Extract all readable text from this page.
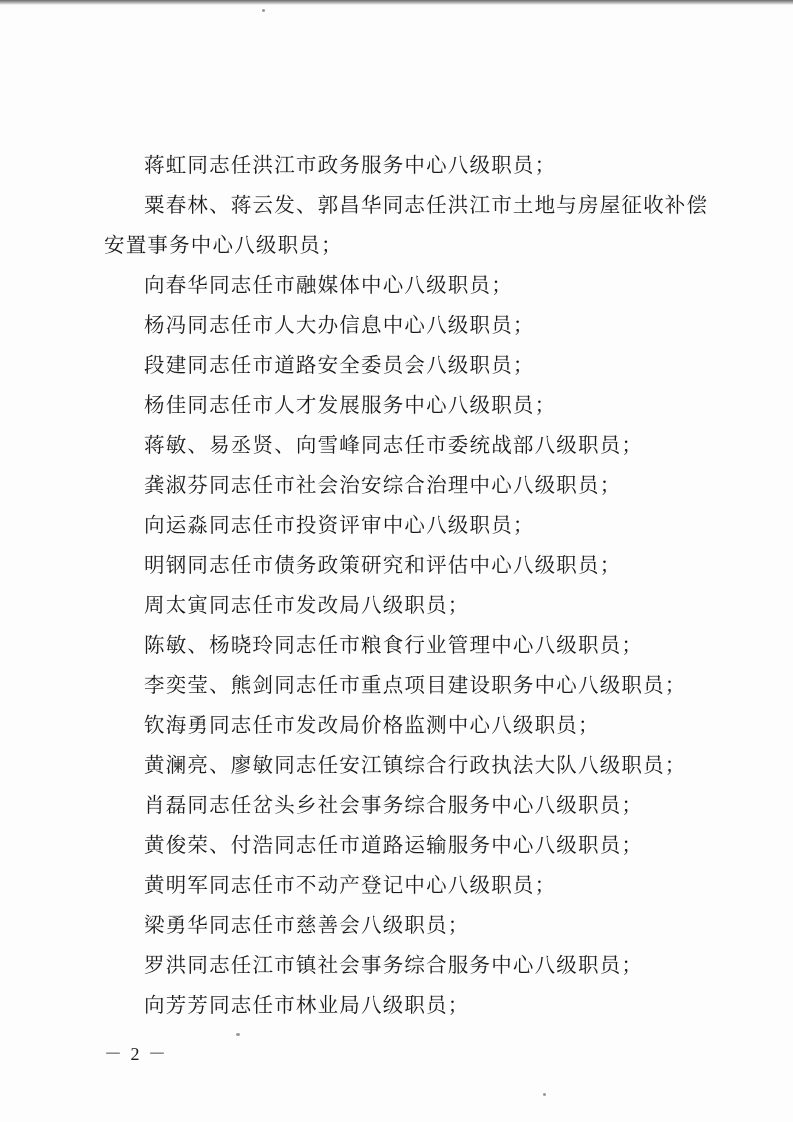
蒋虹同志任洪江市政务服务中心八级职员；
粟春林、蒋云发、郭昌华同志任洪江市土地与房屋征收补偿
安置事务中心八级职员；
向春华同志任市融媒体中心八级职员；
杨冯同志任市人大办信息中心八级职员；
段建同志任市道路安全委员会八级职员；
杨佳同志任市人才发展服务中心八级职员；
蒋敏、易丞贤、向雪峰同志任市委统战部八级职员；
龚淑芬同志任市社会治安综合治理中心八级职员；
向运淼同志任市投资评审中心八级职员；
明钢同志任市债务政策研究和评估中心八级职员；
周太寅同志任市发改局八级职员；
陈敏、杨晓玲同志任市粮食行业管理中心八级职员；
李奕莹、熊剑同志任市重点项目建设职务中心八级职员；
钦海勇同志任市发改局价格监测中心八级职员；
黄澜亮、廖敏同志任安江镇综合行政执法大队八级职员；
肖磊同志任岔头乡社会事务综合服务中心八级职员；
黄俊荣、付浩同志任市道路运输服务中心八级职员；
黄明军同志任市不动产登记中心八级职员；
梁勇华同志任市慈善会八级职员；
罗洪同志任江市镇社会事务综合服务中心八级职员；
向芳芳同志任市林业局八级职员；
－ 2 －
